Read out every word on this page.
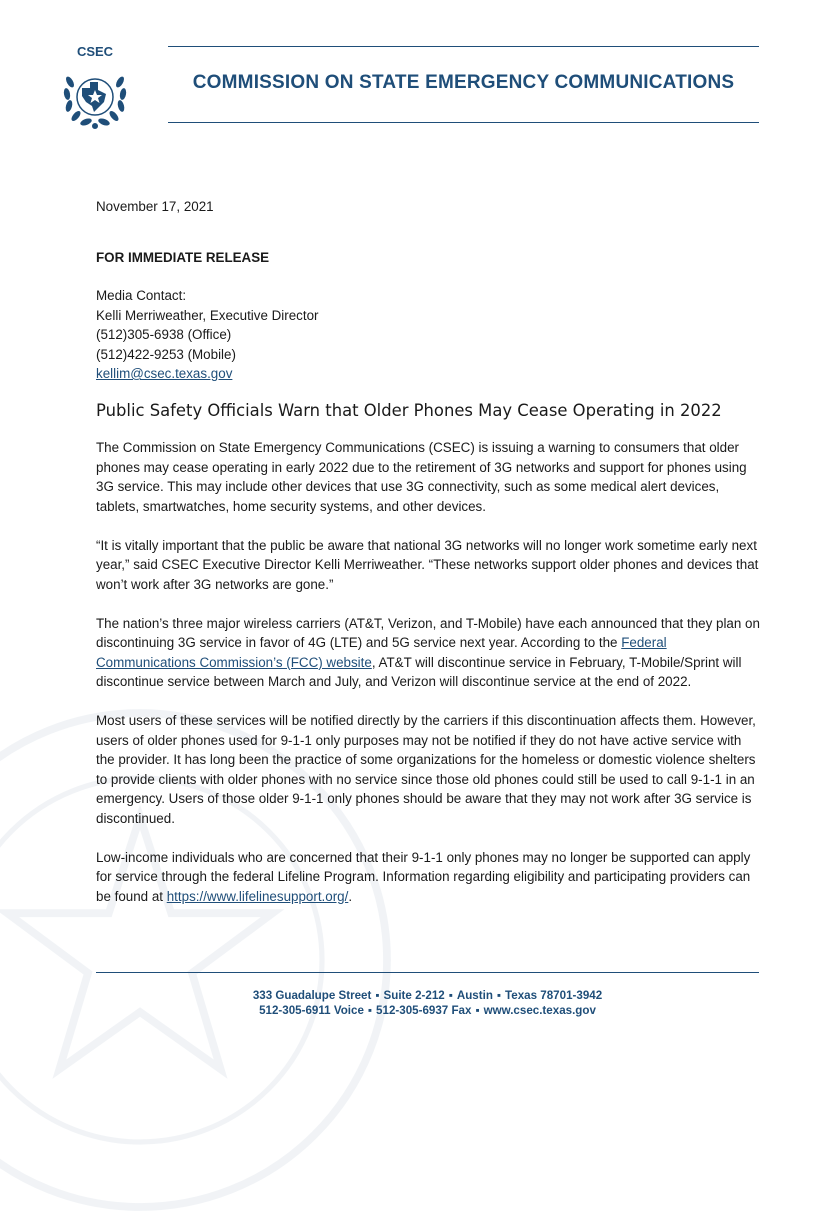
CSEC
COMMISSION ON STATE EMERGENCY COMMUNICATIONS
November 17, 2021
FOR IMMEDIATE RELEASE
Media Contact:
Kelli Merriweather, Executive Director
(512)305-6938 (Office)
(512)422-9253 (Mobile)
kellim@csec.texas.gov
Public Safety Officials Warn that Older Phones May Cease Operating in 2022

The Commission on State Emergency Communications (CSEC) is issuing a warning to consumers that older phones may cease operating in early 2022 due to the retirement of 3G networks and support for phones using 3G service. This may include other devices that use 3G connectivity, such as some medical alert devices, tablets, smartwatches, home security systems, and other devices.

“It is vitally important that the public be aware that national 3G networks will no longer work sometime early next year,” said CSEC Executive Director Kelli Merriweather. “These networks support older phones and devices that won’t work after 3G networks are gone.”

The nation’s three major wireless carriers (AT&T, Verizon, and T-Mobile) have each announced that they plan on discontinuing 3G service in favor of 4G (LTE) and 5G service next year. According to the Federal Communications Commission’s (FCC) website, AT&T will discontinue service in February, T-Mobile/Sprint will discontinue service between March and July, and Verizon will discontinue service at the end of 2022.

Most users of these services will be notified directly by the carriers if this discontinuation affects them. However, users of older phones used for 9-1-1 only purposes may not be notified if they do not have active service with the provider. It has long been the practice of some organizations for the homeless or domestic violence shelters to provide clients with older phones with no service since those old phones could still be used to call 9-1-1 in an emergency. Users of those older 9-1-1 only phones should be aware that they may not work after 3G service is discontinued.

Low-income individuals who are concerned that their 9-1-1 only phones may no longer be supported can apply for service through the federal Lifeline Program. Information regarding eligibility and participating providers can be found at https://www.lifelinesupport.org/.

333 Guadalupe Street ▪ Suite 2-212 ▪ Austin ▪ Texas 78701-3942
512-305-6911 Voice ▪ 512-305-6937 Fax ▪ www.csec.texas.gov
